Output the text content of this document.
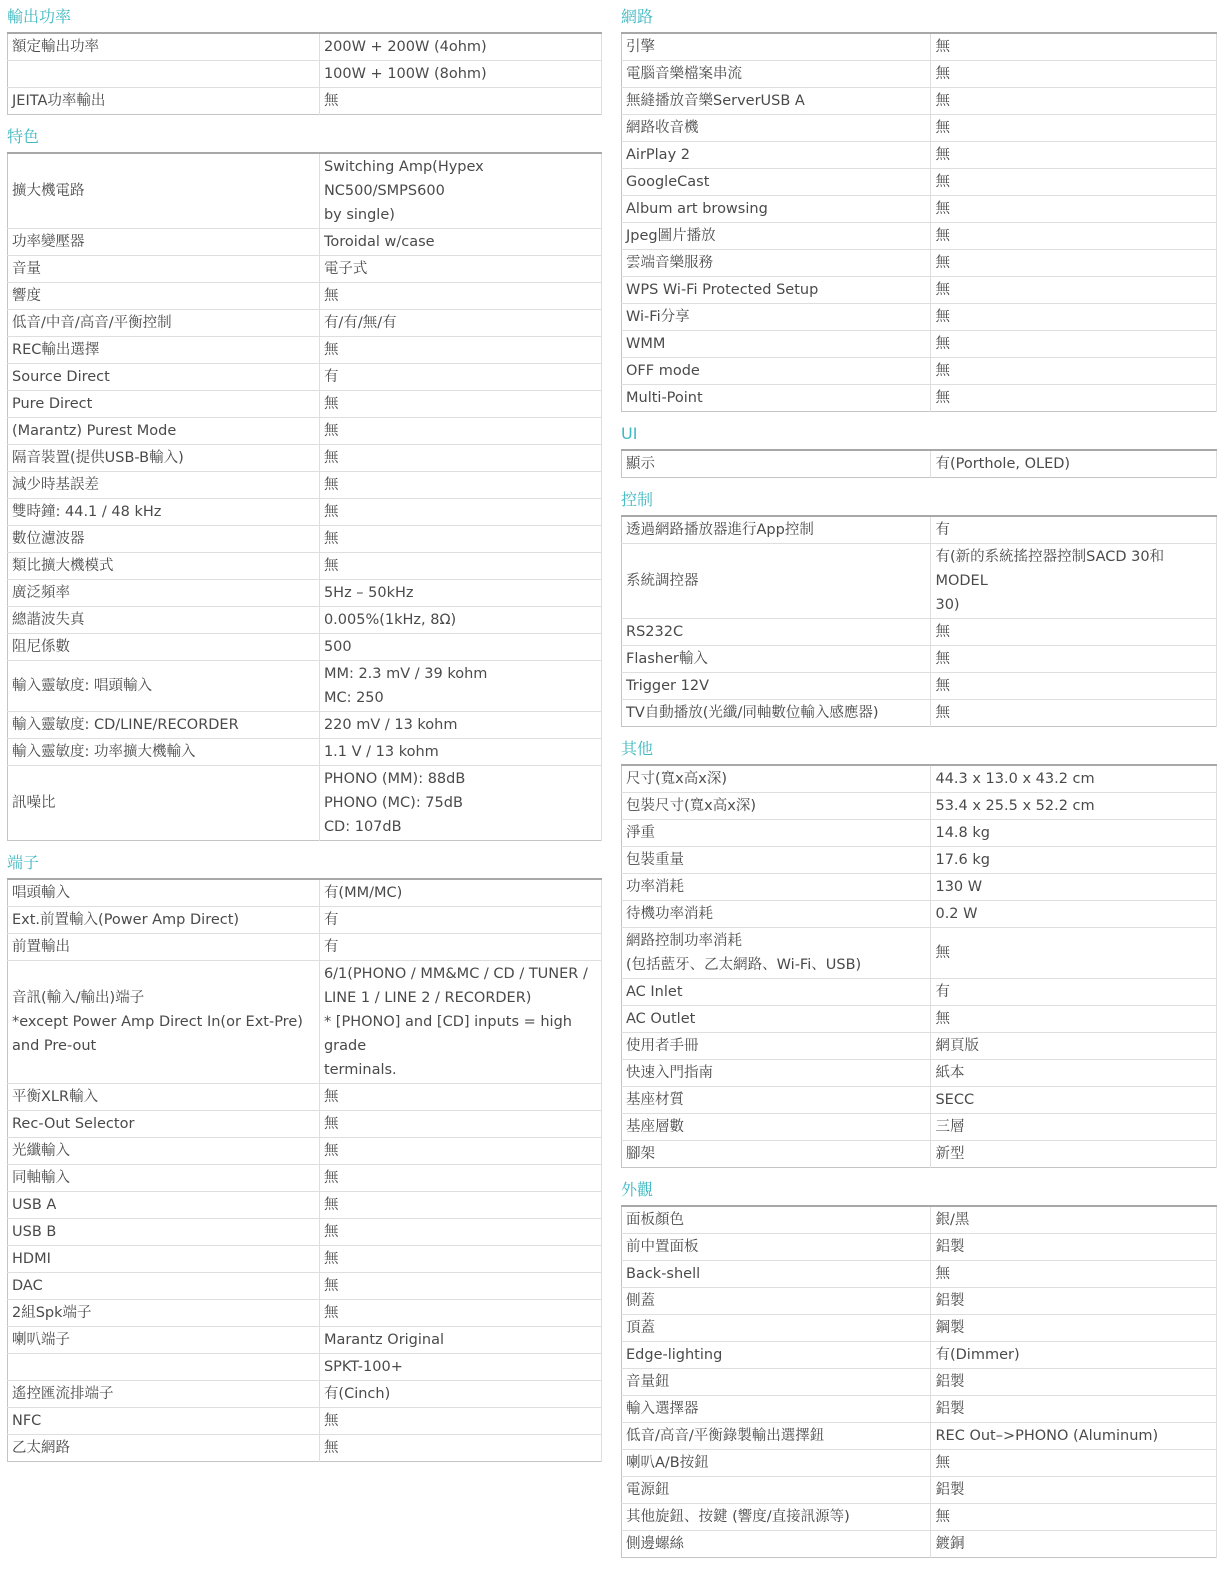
輸出功率
額定輸出功率	200W + 200W (4ohm)
	100W + 100W (8ohm)
JEITA功率輸出	無
特色
擴大機電路	Switching Amp(Hypex NC500/SMPS600
by single)
功率變壓器	Toroidal w/case
音量	電子式
響度	無
低音/中音/高音/平衡控制	有/有/無/有
REC輸出選擇	無
Source Direct	有
Pure Direct	無
(Marantz) Purest Mode	無
隔音裝置(提供USB-B輸入)	無
減少時基誤差	無
雙時鐘: 44.1 / 48 kHz	無
數位濾波器	無
類比擴大機模式	無
廣泛頻率	5Hz – 50kHz
總諧波失真	0.005%(1kHz, 8Ω)
阻尼係數	500
輸入靈敏度: 唱頭輸入	MM: 2.3 mV / 39 kohm
MC: 250
輸入靈敏度: CD/LINE/RECORDER	220 mV / 13 kohm
輸入靈敏度: 功率擴大機輸入	1.1 V / 13 kohm
訊噪比	PHONO (MM): 88dB
PHONO (MC): 75dB
CD: 107dB
端子
唱頭輸入	有(MM/MC)
Ext.前置輸入(Power Amp Direct)	有
前置輸出	有
音訊(輸入/輸出)端子
*except Power Amp Direct In(or Ext-Pre)
and Pre-out	6/1(PHONO / MM&MC / CD / TUNER /
LINE 1 / LINE 2 / RECORDER)
* [PHONO] and [CD] inputs = high grade
terminals.
平衡XLR輸入	無
Rec-Out Selector	無
光纖輸入	無
同軸輸入	無
USB A	無
USB B	無
HDMI	無
DAC	無
2組Spk端子	無
喇叭端子	Marantz Original
	SPKT-100+
遙控匯流排端子	有(Cinch)
NFC	無
乙太網路	無
網路
引擎	無
電腦音樂檔案串流	無
無縫播放音樂ServerUSB A	無
網路收音機	無
AirPlay 2	無
GoogleCast	無
Album art browsing	無
Jpeg圖片播放	無
雲端音樂服務	無
WPS Wi-Fi Protected Setup	無
Wi-Fi分享	無
WMM	無
OFF mode	無
Multi-Point	無
UI
顯示	有(Porthole, OLED)
控制
透過網路播放器進行App控制	有
系統調控器	有(新的系統搖控器控制SACD 30和MODEL
30)
RS232C	無
Flasher輸入	無
Trigger 12V	無
TV自動播放(光纖/同軸數位輸入感應器)	無
其他
尺寸(寬x高x深)	44.3 x 13.0 x 43.2 cm
包裝尺寸(寬x高x深)	53.4 x 25.5 x 52.2 cm
淨重	14.8 kg
包裝重量	17.6 kg
功率消耗	130 W
待機功率消耗	0.2 W
網路控制功率消耗
(包括藍牙、乙太網路、Wi-Fi、USB)	無
AC Inlet	有
AC Outlet	無
使用者手冊	網頁版
快速入門指南	紙本
基座材質	SECC
基座層數	三層
腳架	新型
外觀
面板顏色	銀/黑
前中置面板	鋁製
Back-shell	無
側蓋	鋁製
頂蓋	鋼製
Edge-lighting	有(Dimmer)
音量鈕	鋁製
輸入選擇器	鋁製
低音/高音/平衡錄製輸出選擇鈕	REC Out–>PHONO (Aluminum)
喇叭A/B按鈕	無
電源鈕	鋁製
其他旋鈕、按鍵 (響度/直接訊源等)	無
側邊螺絲	鍍銅
